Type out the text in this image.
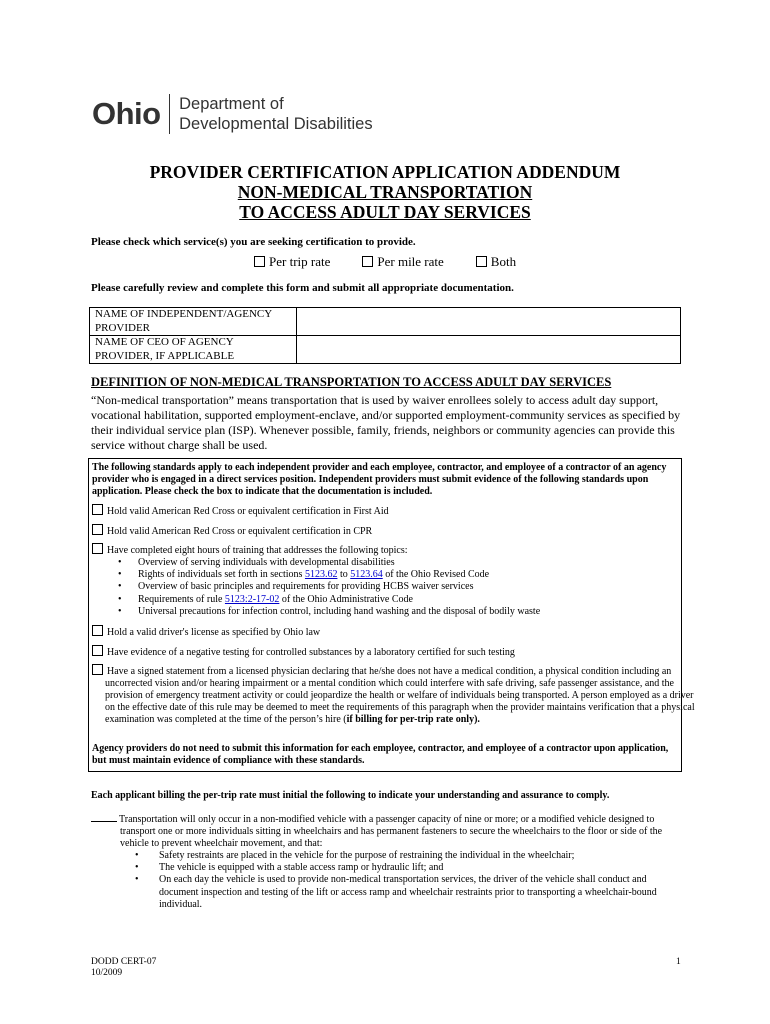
Ohio Department of
Developmental Disabilities
PROVIDER CERTIFICATION APPLICATION ADDENDUM
NON-MEDICAL TRANSPORTATION
TO ACCESS ADULT DAY SERVICES
Please check which service(s) you are seeking certification to provide.
Per trip rate	Per mile rate	Both
Please carefully review and complete this form and submit all appropriate documentation.
NAME OF INDEPENDENT/AGENCY PROVIDER	
NAME OF CEO OF AGENCY PROVIDER, IF APPLICABLE	
DEFINITION OF NON-MEDICAL TRANSPORTATION TO ACCESS ADULT DAY SERVICES
“Non-medical transportation” means transportation that is used by waiver enrollees solely to access adult day support, vocational habilitation, supported employment-enclave, and/or supported employment-community services as specified by their individual service plan (ISP). Whenever possible, family, friends, neighbors or community agencies can provide this service without charge shall be used.
The following standards apply to each independent provider and each employee, contractor, and employee of a contractor of an agency provider who is engaged in a direct services position. Independent providers must submit evidence of the following standards upon application. Please check the box to indicate that the documentation is included.
Hold valid American Red Cross or equivalent certification in First Aid
Hold valid American Red Cross or equivalent certification in CPR
Have completed eight hours of training that addresses the following topics:
• Overview of serving individuals with developmental disabilities
• Rights of individuals set forth in sections 5123.62 to 5123.64 of the Ohio Revised Code
• Overview of basic principles and requirements for providing HCBS waiver services
• Requirements of rule 5123:2-17-02 of the Ohio Administrative Code
• Universal precautions for infection control, including hand washing and the disposal of bodily waste
Hold a valid driver's license as specified by Ohio law
Have evidence of a negative testing for controlled substances by a laboratory certified for such testing
Have a signed statement from a licensed physician declaring that he/she does not have a medical condition, a physical condition including an uncorrected vision and/or hearing impairment or a mental condition which could interfere with safe driving, safe passenger assistance, and the provision of emergency treatment activity or could jeopardize the health or welfare of individuals being transported. A person employed as a driver on the effective date of this rule may be deemed to meet the requirements of this paragraph when the provider maintains verification that a physical examination was completed at the time of the person’s hire (if billing for per-trip rate only).
Agency providers do not need to submit this information for each employee, contractor, and employee of a contractor upon application, but must maintain evidence of compliance with these standards.
Each applicant billing the per-trip rate must initial the following to indicate your understanding and assurance to comply.
Transportation will only occur in a non-modified vehicle with a passenger capacity of nine or more; or a modified vehicle designed to transport one or more individuals sitting in wheelchairs and has permanent fasteners to secure the wheelchairs to the floor or side of the vehicle to prevent wheelchair movement, and that:
• Safety restraints are placed in the vehicle for the purpose of restraining the individual in the wheelchair;
• The vehicle is equipped with a stable access ramp or hydraulic lift; and
• On each day the vehicle is used to provide non-medical transportation services, the driver of the vehicle shall conduct and document inspection and testing of the lift or access ramp and wheelchair restraints prior to transporting a wheelchair-bound individual.
DODD CERT-07
10/2009
1
